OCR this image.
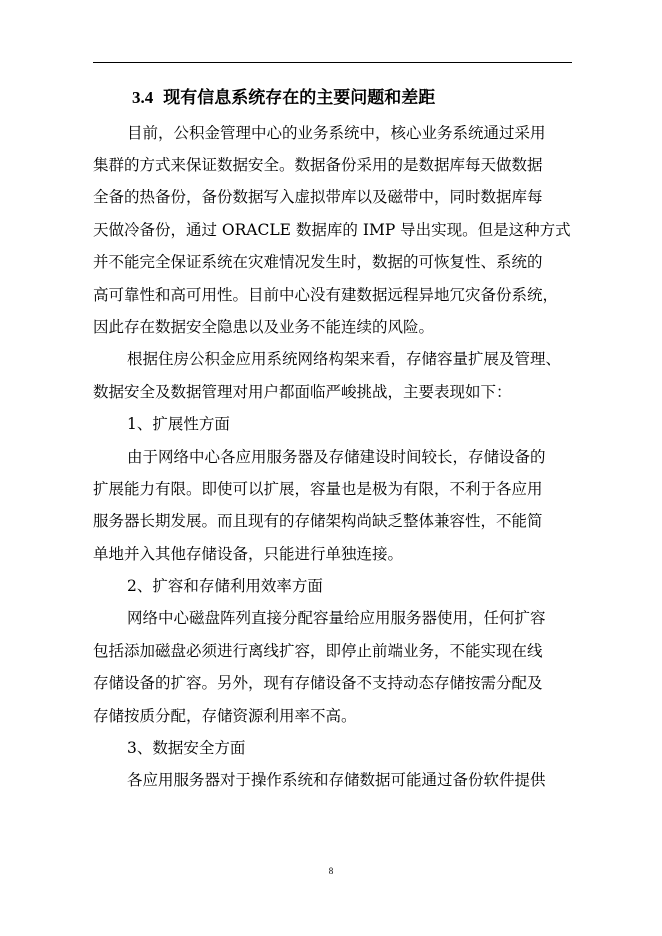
3.4 现有信息系统存在的主要问题和差距
目前，公积金管理中心的业务系统中，核心业务系统通过采用
集群的方式来保证数据安全。数据备份采用的是数据库每天做数据
全备的热备份，备份数据写入虚拟带库以及磁带中，同时数据库每
天做冷备份，通过 ORACLE 数据库的 IMP 导出实现。但是这种方式
并不能完全保证系统在灾难情况发生时，数据的可恢复性、系统的
高可靠性和高可用性。目前中心没有建数据远程异地冗灾备份系统，
因此存在数据安全隐患以及业务不能连续的风险。
根据住房公积金应用系统网络构架来看，存储容量扩展及管理、
数据安全及数据管理对用户都面临严峻挑战，主要表现如下：
1、扩展性方面
由于网络中心各应用服务器及存储建设时间较长，存储设备的
扩展能力有限。即使可以扩展，容量也是极为有限，不利于各应用
服务器长期发展。而且现有的存储架构尚缺乏整体兼容性，不能简
单地并入其他存储设备，只能进行单独连接。
2、扩容和存储利用效率方面
网络中心磁盘阵列直接分配容量给应用服务器使用，任何扩容
包括添加磁盘必须进行离线扩容，即停止前端业务，不能实现在线
存储设备的扩容。另外，现有存储设备不支持动态存储按需分配及
存储按质分配，存储资源利用率不高。
3、数据安全方面
各应用服务器对于操作系统和存储数据可能通过备份软件提供
8
